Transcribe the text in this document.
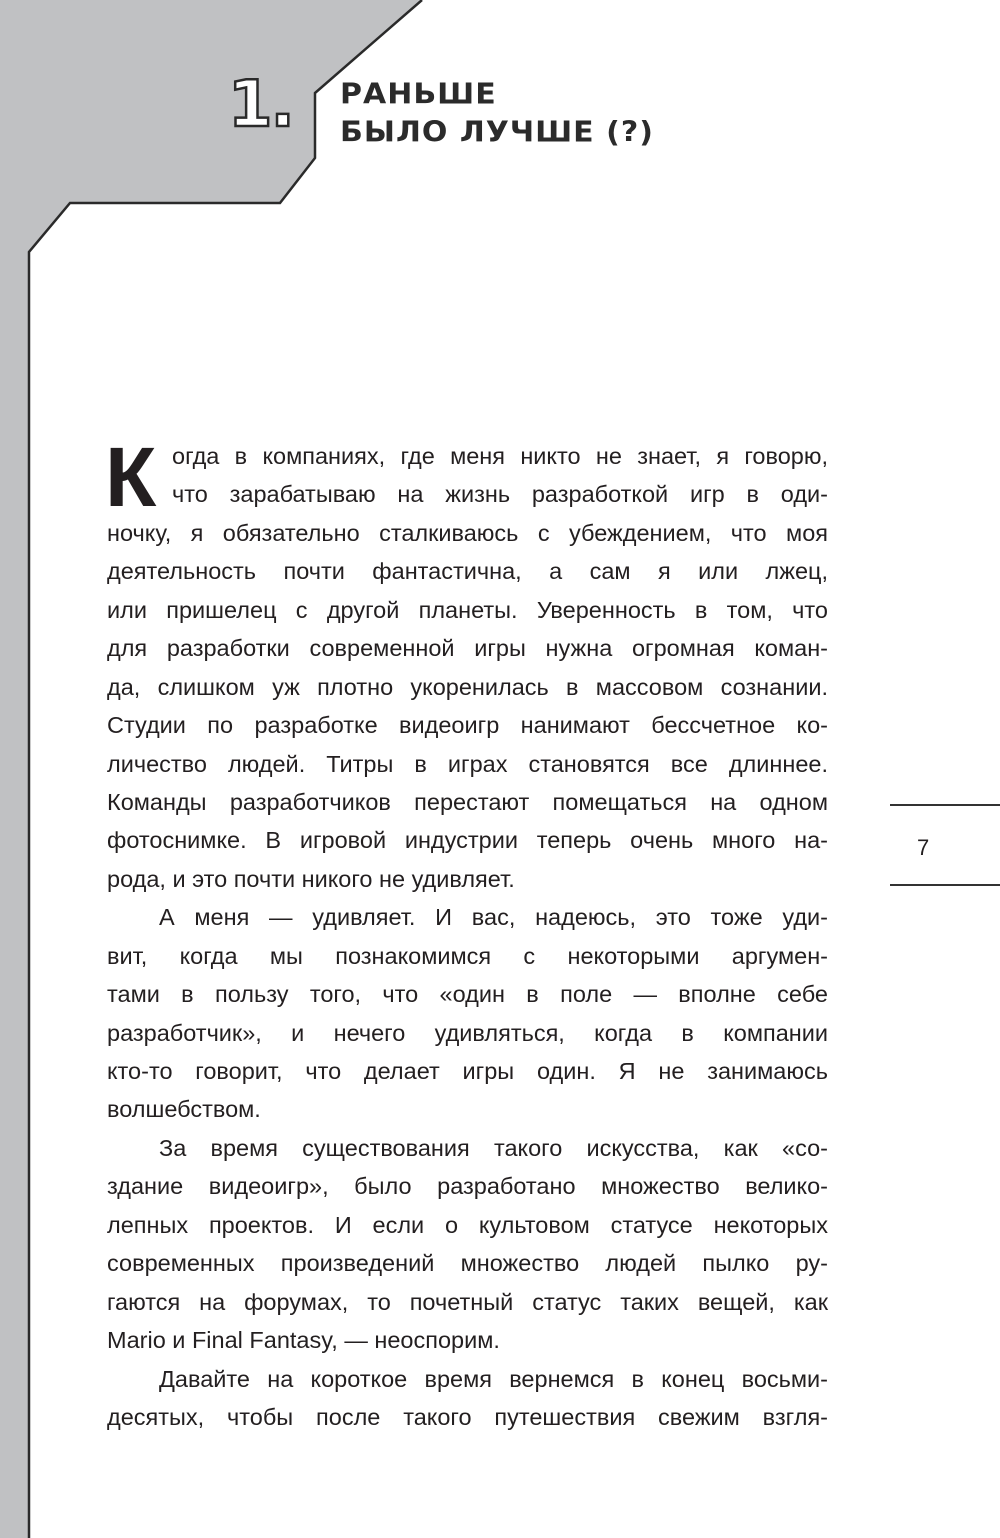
1. РАНЬШЕ
БЫЛО ЛУЧШЕ (?)
К огда в компаниях, где меня никто не знает, я говорю,
что зарабатываю на жизнь разработкой игр в оди-
ночку, я обязательно сталкиваюсь с убеждением, что моя
деятельность почти фантастична, а сам я или лжец,
или пришелец с другой планеты. Уверенность в том, что
для разработки современной игры нужна огромная коман-
да, слишком уж плотно укоренилась в массовом сознании.
Студии по разработке видеоигр нанимают бессчетное ко-
личество людей. Титры в играх становятся все длиннее.
Команды разработчиков перестают помещаться на одном
фотоснимке. В игровой индустрии теперь очень много на-
рода, и это почти никого не удивляет.
А меня — удивляет. И вас, надеюсь, это тоже уди-
вит, когда мы познакомимся с некоторыми аргумен-
тами в пользу того, что «один в поле — вполне себе
разработчик», и нечего удивляться, когда в компании
кто-то говорит, что делает игры один. Я не занимаюсь
волшебством.
За время существования такого искусства, как «со-
здание видеоигр», было разработано множество велико-
лепных проектов. И если о культовом статусе некоторых
современных произведений множество людей пылко ру-
гаются на форумах, то почетный статус таких вещей, как
Mario и Final Fantasy, — неоспорим.
Давайте на короткое время вернемся в конец восьми-
десятых, чтобы после такого путешествия свежим взгля-
7
